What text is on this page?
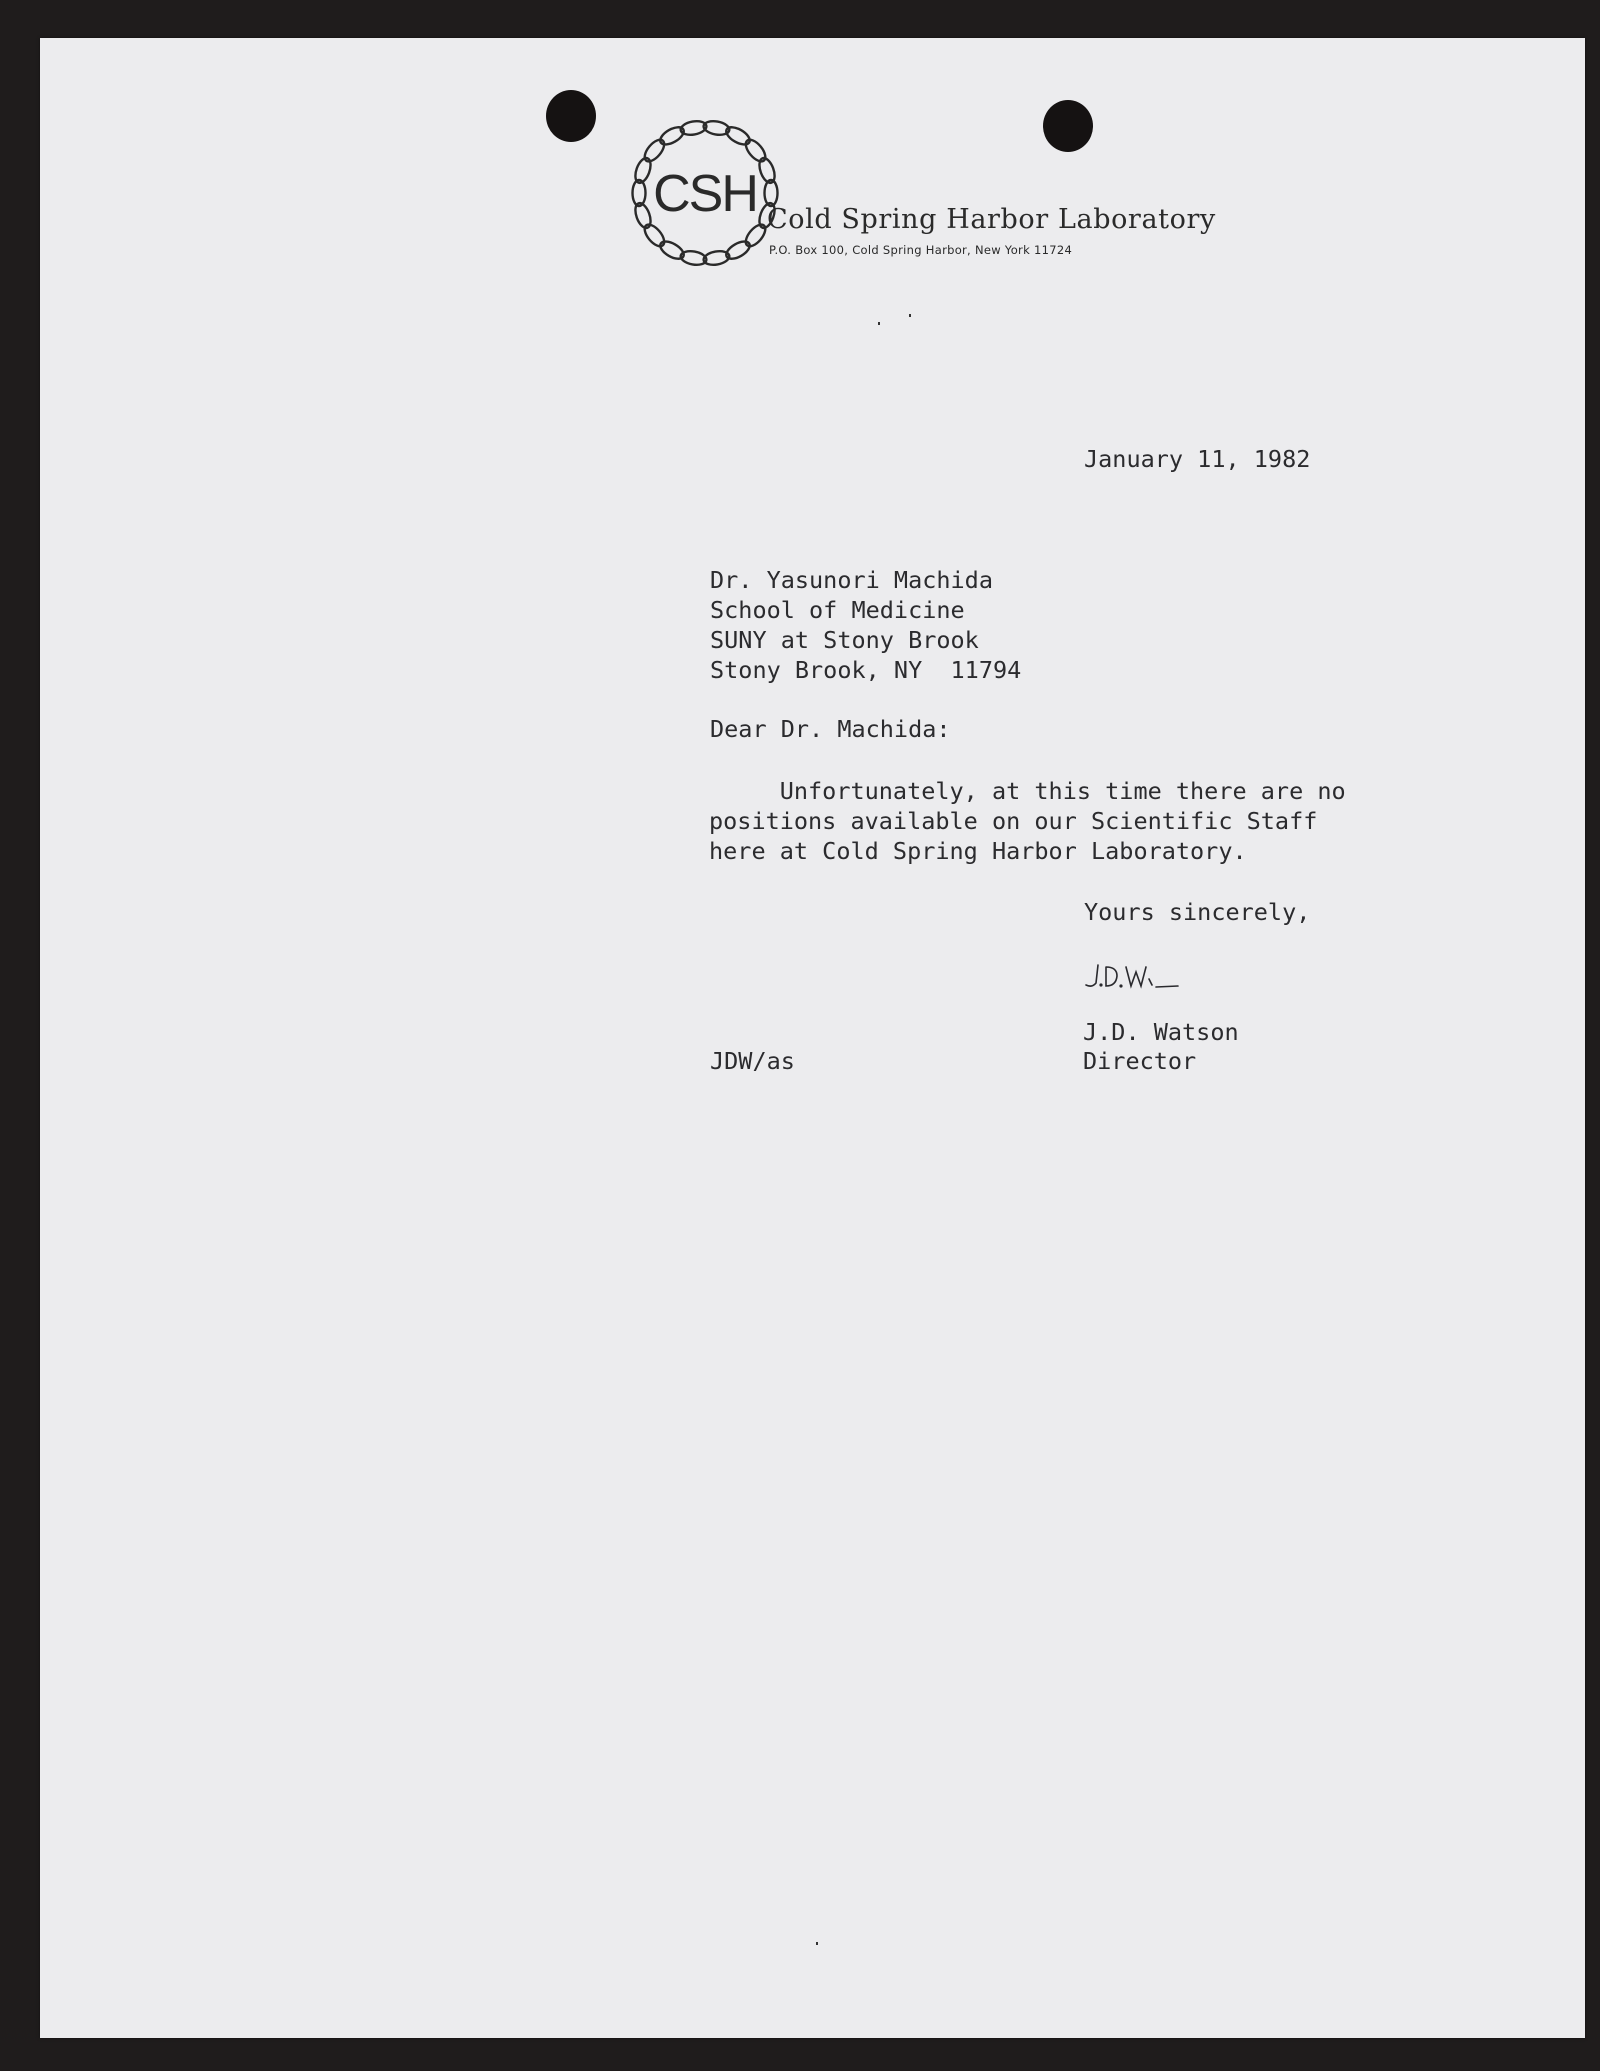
CSH Cold Spring Harbor Laboratory
P.O. Box 100, Cold Spring Harbor, New York 11724
January 11, 1982
Dr. Yasunori Machida
School of Medicine
SUNY at Stony Brook
Stony Brook, NY  11794
Dear Dr. Machida:
Unfortunately, at this time there are no
positions available on our Scientific Staff
here at Cold Spring Harbor Laboratory.
Yours sincerely,
J.D. Watson
Director
JDW/as
